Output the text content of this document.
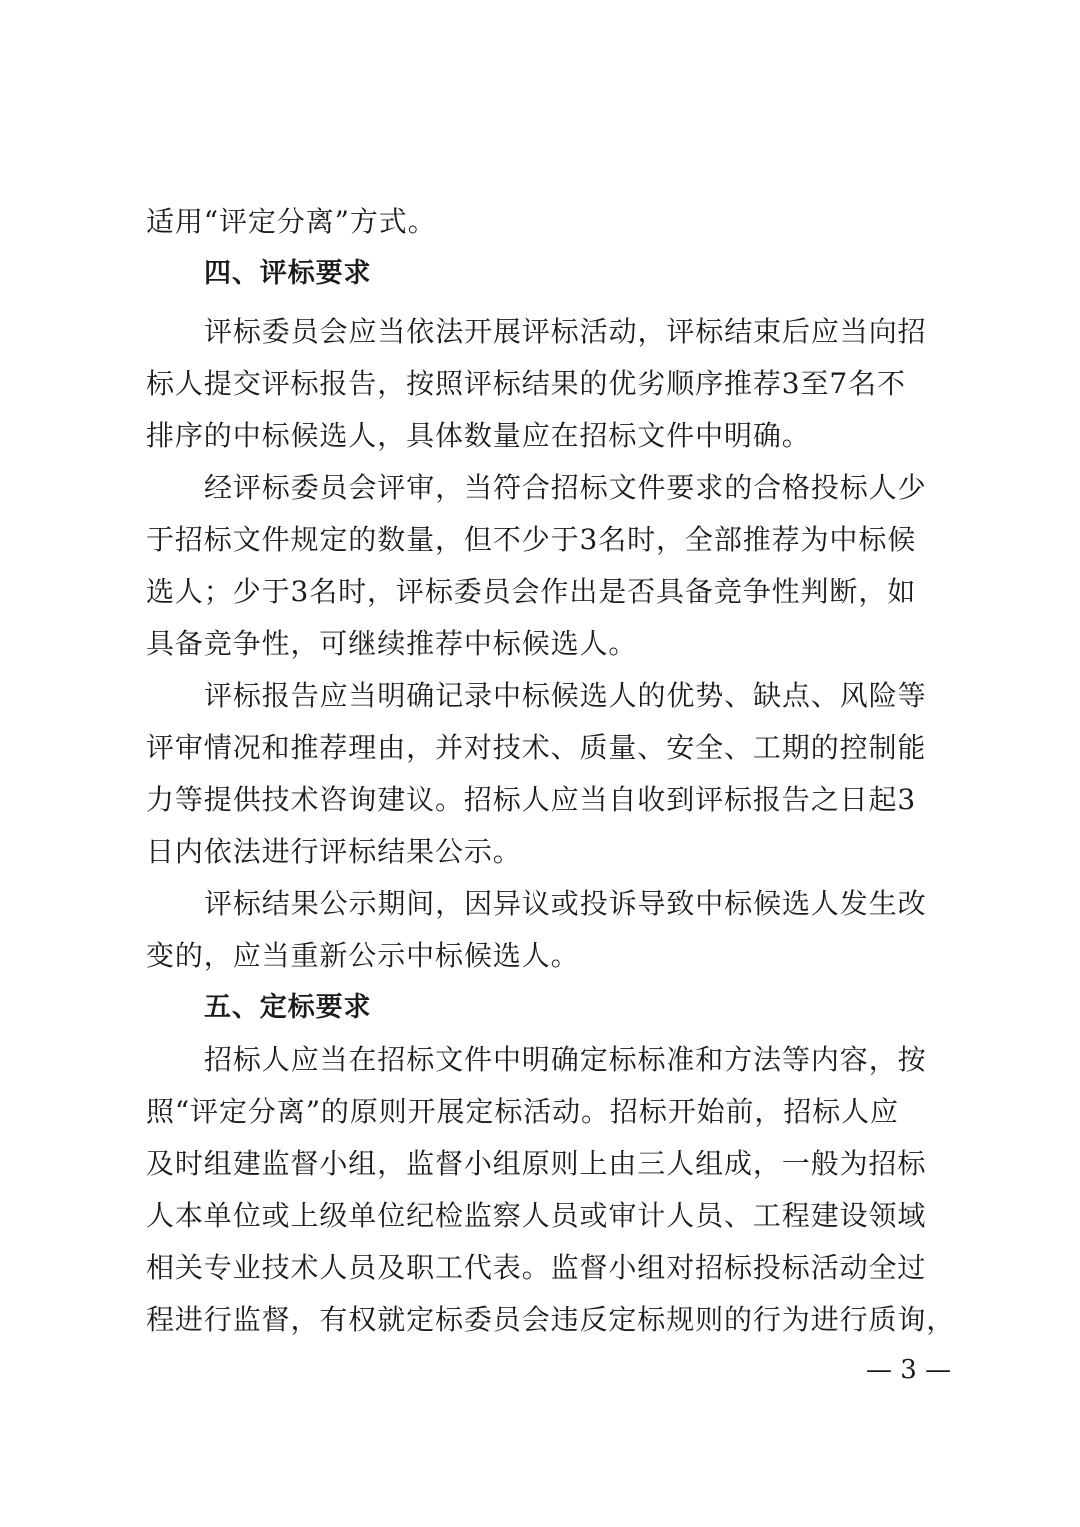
适用“评定分离”方式。
四、评标要求
评标委员会应当依法开展评标活动，评标结束后应当向招
标人提交评标报告，按照评标结果的优劣顺序推荐3至7名不
排序的中标候选人，具体数量应在招标文件中明确。
经评标委员会评审，当符合招标文件要求的合格投标人少
于招标文件规定的数量，但不少于3名时，全部推荐为中标候
选人；少于3名时，评标委员会作出是否具备竞争性判断，如
具备竞争性，可继续推荐中标候选人。
评标报告应当明确记录中标候选人的优势、缺点、风险等
评审情况和推荐理由，并对技术、质量、安全、工期的控制能
力等提供技术咨询建议。招标人应当自收到评标报告之日起3
日内依法进行评标结果公示。
评标结果公示期间，因异议或投诉导致中标候选人发生改
变的，应当重新公示中标候选人。
五、定标要求
招标人应当在招标文件中明确定标标准和方法等内容，按
照“评定分离”的原则开展定标活动。招标开始前，招标人应
及时组建监督小组，监督小组原则上由三人组成，一般为招标
人本单位或上级单位纪检监察人员或审计人员、工程建设领域
相关专业技术人员及职工代表。监督小组对招标投标活动全过
程进行监督，有权就定标委员会违反定标规则的行为进行质询，
— 3 —
